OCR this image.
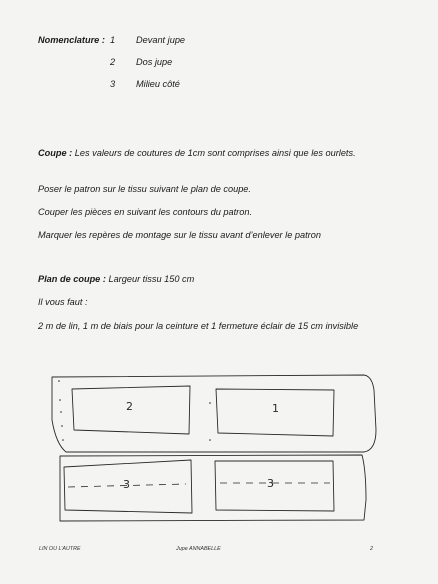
Nomenclature : 1 Devant jupe
2 Dos jupe
3 Milieu côté
Coupe : Les valeurs de coutures de 1cm sont comprises ainsi que les ourlets.
Poser le patron sur le tissu suivant le plan de coupe.
Couper les pièces en suivant les contours du patron.
Marquer les repères de montage sur le tissu avant d’enlever le patron
Plan de coupe : Largeur tissu 150 cm
Il vous faut :
2 m de lin, 1 m de biais pour la ceinture et 1 fermeture éclair de 15 cm invisible
2	1
3	3
LIN OU L’AUTRE	Jupe ANNABELLE	2
